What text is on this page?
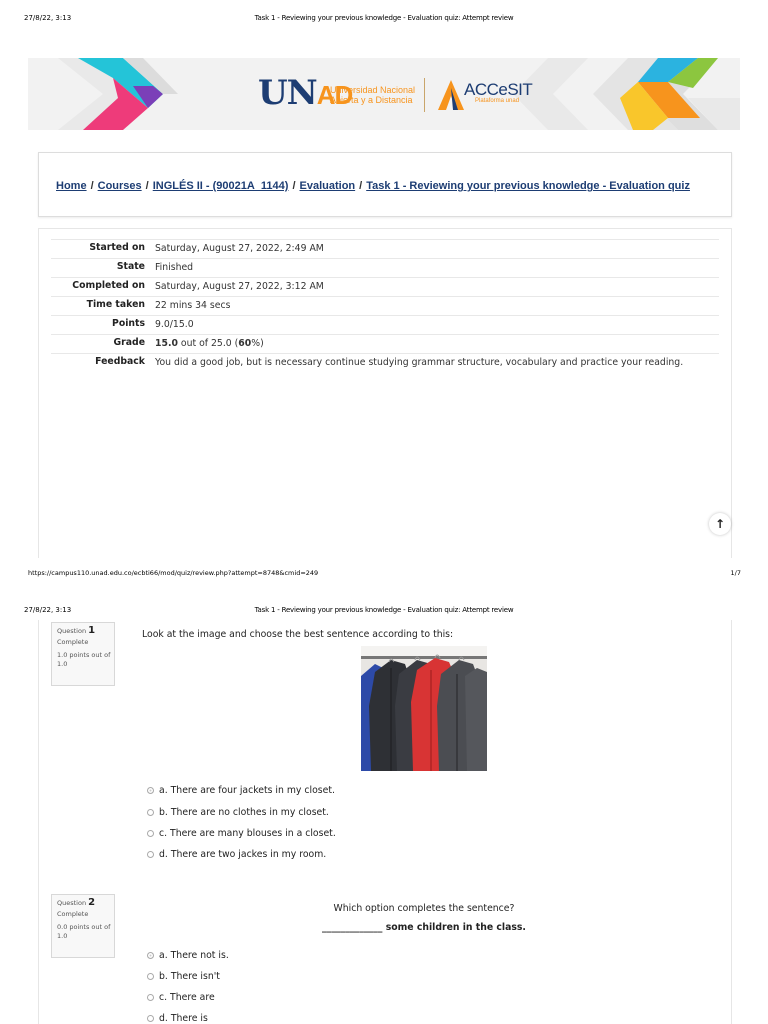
27/8/22, 3:13	Task 1 - Reviewing your previous knowledge - Evaluation quiz: Attempt review
UNAD
Universidad Nacional
Abierta y a Distancia
ACCeSIT
Plataforma unad
Home / Courses / INGLÉS II - (90021A_1144) / Evaluation / Task 1 - Reviewing your previous knowledge - Evaluation quiz
Started on	Saturday, August 27, 2022, 2:49 AM
State	Finished
Completed on	Saturday, August 27, 2022, 3:12 AM
Time taken	22 mins 34 secs
Points	9.0/15.0
Grade	15.0 out of 25.0 (60%)
Feedback	You did a good job, but is necessary continue studying grammar structure, vocabulary and practice your reading.
↑
https://campus110.unad.edu.co/ecbti66/mod/quiz/review.php?attempt=8748&cmid=249	1/7
27/8/22, 3:13	Task 1 - Reviewing your previous knowledge - Evaluation quiz: Attempt review
Question 1
Complete
1.0 points out of 1.0
Look at the image and choose the best sentence according to this:
a. There are four jackets in my closet.
b. There are no clothes in my closet.
c. There are many blouses in a closet.
d. There are two jackes in my room.
Question 2
Complete
0.0 points out of 1.0
Which option completes the sentence?
_____________ some children in the class.
a. There not is.
b. There isn't
c. There are
d. There is
